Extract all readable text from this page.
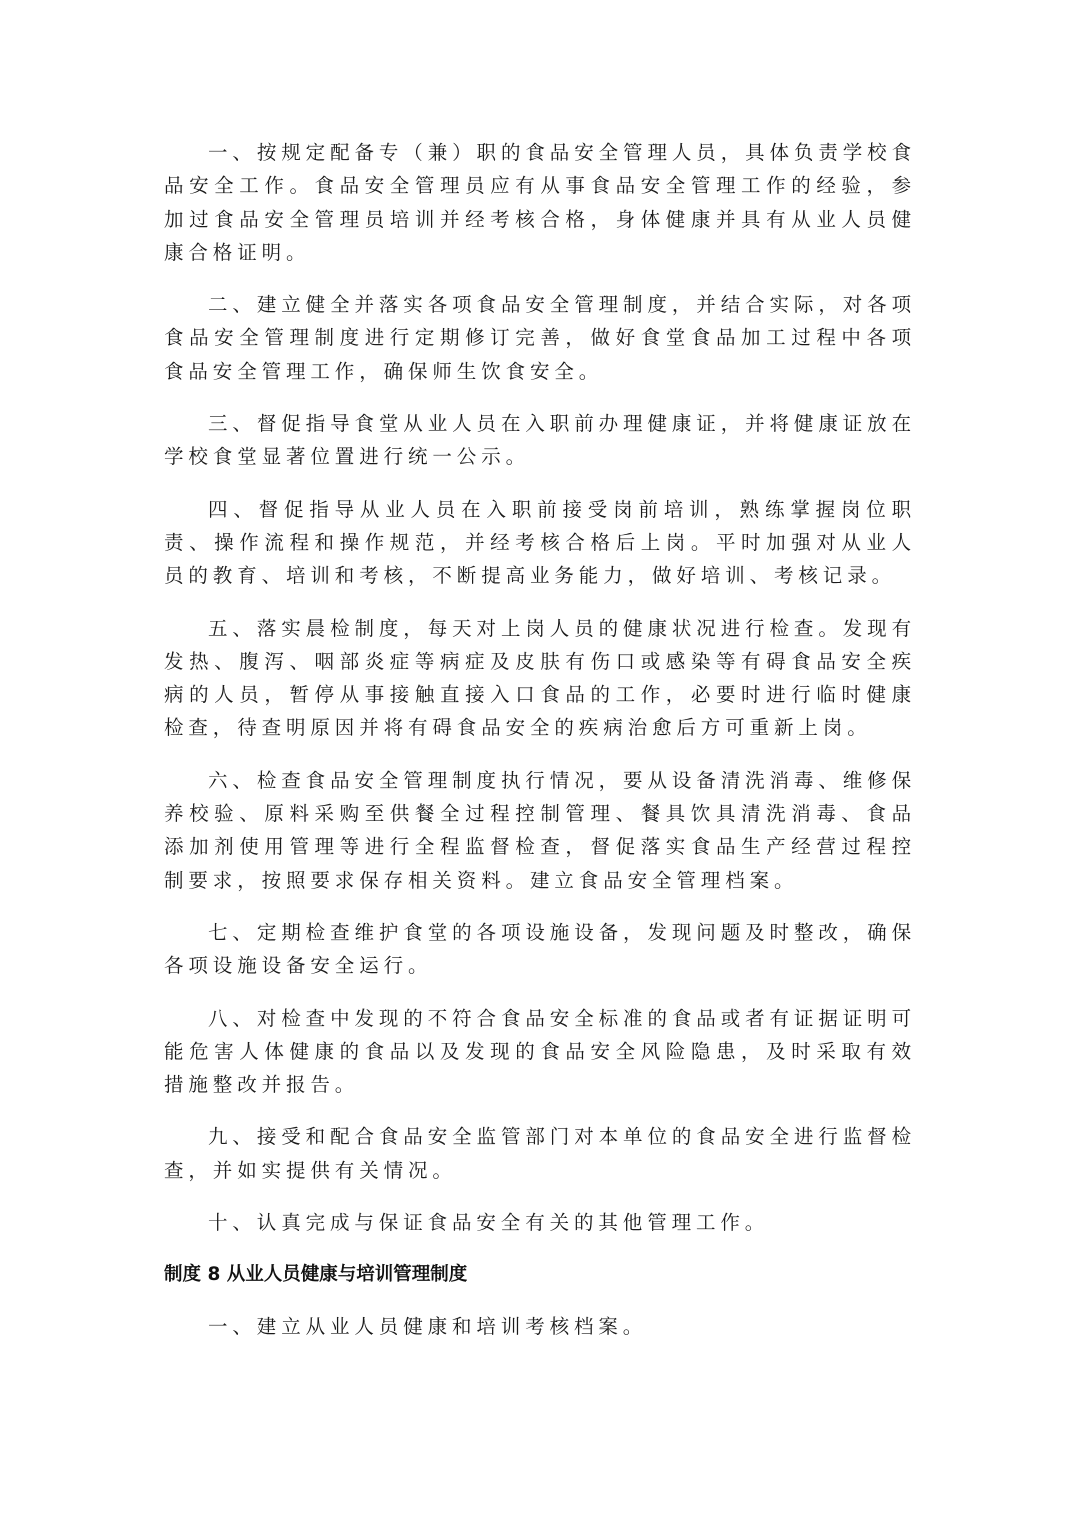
一、按规定配备专（兼）职的食品安全管理人员，具体负责学校食品安全工作。食品安全管理员应有从事食品安全管理工作的经验，参加过食品安全管理员培训并经考核合格，身体健康并具有从业人员健康合格证明。

二、建立健全并落实各项食品安全管理制度，并结合实际，对各项食品安全管理制度进行定期修订完善，做好食堂食品加工过程中各项食品安全管理工作，确保师生饮食安全。

三、督促指导食堂从业人员在入职前办理健康证，并将健康证放在学校食堂显著位置进行统一公示。

四、督促指导从业人员在入职前接受岗前培训，熟练掌握岗位职责、操作流程和操作规范，并经考核合格后上岗。平时加强对从业人员的教育、培训和考核，不断提高业务能力，做好培训、考核记录。

五、落实晨检制度，每天对上岗人员的健康状况进行检查。发现有发热、腹泻、咽部炎症等病症及皮肤有伤口或感染等有碍食品安全疾病的人员，暂停从事接触直接入口食品的工作，必要时进行临时健康检查，待查明原因并将有碍食品安全的疾病治愈后方可重新上岗。

六、检查食品安全管理制度执行情况，要从设备清洗消毒、维修保养校验、原料采购至供餐全过程控制管理、餐具饮具清洗消毒、食品添加剂使用管理等进行全程监督检查，督促落实食品生产经营过程控制要求，按照要求保存相关资料。建立食品安全管理档案。

七、定期检查维护食堂的各项设施设备，发现问题及时整改，确保各项设施设备安全运行。

八、对检查中发现的不符合食品安全标准的食品或者有证据证明可能危害人体健康的食品以及发现的食品安全风险隐患，及时采取有效措施整改并报告。

九、接受和配合食品安全监管部门对本单位的食品安全进行监督检查，并如实提供有关情况。

十、认真完成与保证食品安全有关的其他管理工作。

制度 8 从业人员健康与培训管理制度

一、建立从业人员健康和培训考核档案。
